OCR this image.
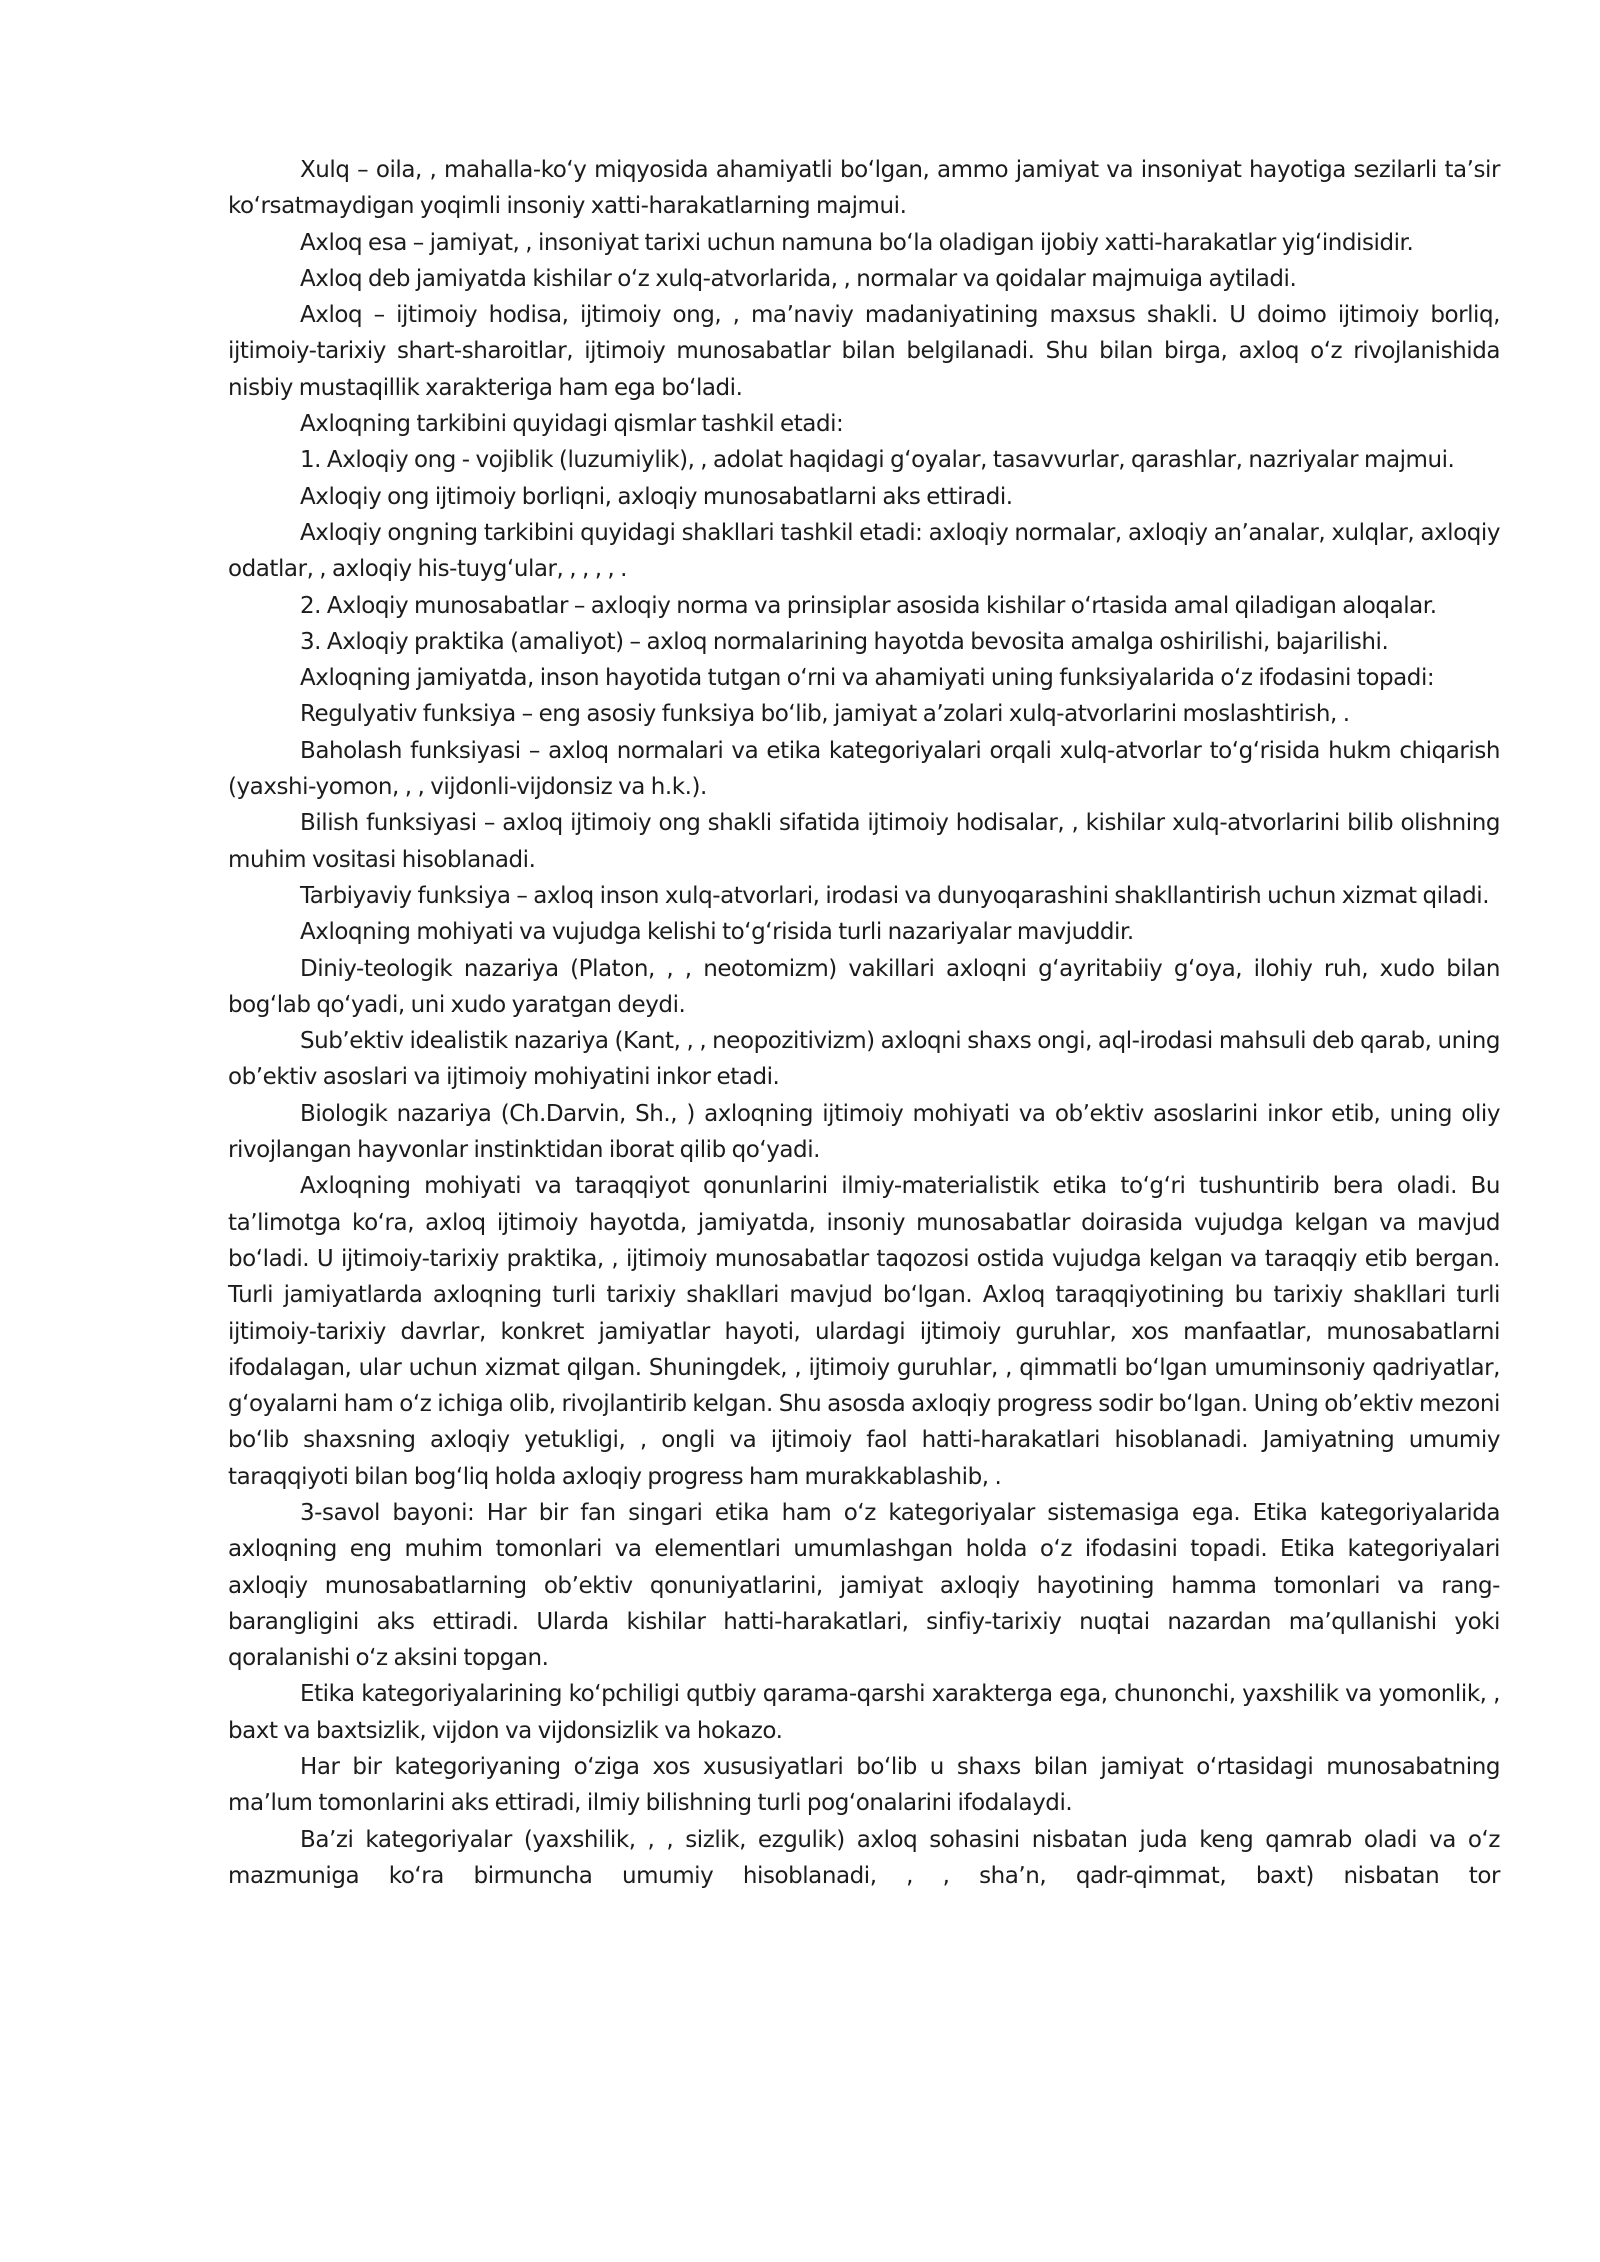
Xulq – oila, , mahalla-koʻy miqyosida ahamiyatli boʻlgan, ammo jamiyat va insoniyat hayotiga sezilarli taʼsir koʻrsatmaydigan yoqimli insoniy xatti-harakatlarning majmui.

Axloq esa – jamiyat, , insoniyat tarixi uchun namuna boʻla oladigan ijobiy xatti-harakatlar yigʻindisidir.

Axloq deb jamiyatda kishilar oʻz xulq-atvorlarida, , normalar va qoidalar majmuiga aytiladi.

Axloq – ijtimoiy hodisa, ijtimoiy ong, , maʼnaviy madaniyatining maxsus shakli. U doimo ijtimoiy borliq, ijtimoiy-tarixiy shart-sharoitlar, ijtimoiy munosabatlar bilan belgilanadi. Shu bilan birga, axloq oʻz rivojlanishida nisbiy mustaqillik xarakteriga ham ega boʻladi.

Axloqning tarkibini quyidagi qismlar tashkil etadi:

1. Axloqiy ong - vojiblik (luzumiylik), , adolat haqidagi gʻoyalar, tasavvurlar, qarashlar, nazriyalar majmui.

Axloqiy ong ijtimoiy borliqni, axloqiy munosabatlarni aks ettiradi.

Axloqiy ongning tarkibini quyidagi shakllari tashkil etadi: axloqiy normalar, axloqiy anʼanalar, xulqlar, axloqiy odatlar, , axloqiy his-tuygʻular, , , , , .

2. Axloqiy munosabatlar – axloqiy norma va prinsiplar asosida kishilar oʻrtasida amal qiladigan aloqalar.

3. Axloqiy praktika (amaliyot) – axloq normalarining hayotda bevosita amalga oshirilishi, bajarilishi.

Axloqning jamiyatda, inson hayotida tutgan oʻrni va ahamiyati uning funksiyalarida oʻz ifodasini topadi:

Regulyativ funksiya – eng asosiy funksiya boʻlib, jamiyat aʼzolari xulq-atvorlarini moslashtirish, .

Baholash funksiyasi – axloq normalari va etika kategoriyalari orqali xulq-atvorlar toʻgʻrisida hukm chiqarish (yaxshi-yomon, , , vijdonli-vijdonsiz va h.k.).

Bilish funksiyasi – axloq ijtimoiy ong shakli sifatida ijtimoiy hodisalar, , kishilar xulq-atvorlarini bilib olishning muhim vositasi hisoblanadi.

Tarbiyaviy funksiya – axloq inson xulq-atvorlari, irodasi va dunyoqarashini shakllantirish uchun xizmat qiladi.

Axloqning mohiyati va vujudga kelishi toʻgʻrisida turli nazariyalar mavjuddir.

Diniy-teologik nazariya (Platon, , , neotomizm) vakillari axloqni gʻayritabiiy gʻoya, ilohiy ruh, xudo bilan bogʻlab qoʻyadi, uni xudo yaratgan deydi.

Subʼektiv idealistik nazariya (Kant, , , neopozitivizm) axloqni shaxs ongi, aql-irodasi mahsuli deb qarab, uning obʼektiv asoslari va ijtimoiy mohiyatini inkor etadi.

Biologik nazariya (Ch.Darvin, Sh., ) axloqning ijtimoiy mohiyati va obʼektiv asoslarini inkor etib, uning oliy rivojlangan hayvonlar instinktidan iborat qilib qoʻyadi.

Axloqning mohiyati va taraqqiyot qonunlarini ilmiy-materialistik etika toʻgʻri tushuntirib bera oladi. Bu taʼlimotga koʻra, axloq ijtimoiy hayotda, jamiyatda, insoniy munosabatlar doirasida vujudga kelgan va mavjud boʻladi. U ijtimoiy-tarixiy praktika, , ijtimoiy munosabatlar taqozosi ostida vujudga kelgan va taraqqiy etib bergan. Turli jamiyatlarda axloqning turli tarixiy shakllari mavjud boʻlgan. Axloq taraqqiyotining bu tarixiy shakllari turli ijtimoiy-tarixiy davrlar, konkret jamiyatlar hayoti, ulardagi ijtimoiy guruhlar, xos manfaatlar, munosabatlarni ifodalagan, ular uchun xizmat qilgan. Shuningdek, , ijtimoiy guruhlar, , qimmatli boʻlgan umuminsoniy qadriyatlar, gʻoyalarni ham oʻz ichiga olib, rivojlantirib kelgan. Shu asosda axloqiy progress sodir boʻlgan. Uning obʼektiv mezoni boʻlib shaxsning axloqiy yetukligi, , ongli va ijtimoiy faol hatti-harakatlari hisoblanadi. Jamiyatning umumiy taraqqiyoti bilan bogʻliq holda axloqiy progress ham murakkablashib, .

3-savol bayoni: Har bir fan singari etika ham oʻz kategoriyalar sistemasiga ega. Etika kategoriyalarida axloqning eng muhim tomonlari va elementlari umumlashgan holda oʻz ifodasini topadi. Etika kategoriyalari axloqiy munosabatlarning obʼektiv qonuniyatlarini, jamiyat axloqiy hayotining hamma tomonlari va rang-barangligini aks ettiradi. Ularda kishilar hatti-harakatlari, sinfiy-tarixiy nuqtai nazardan maʼqullanishi yoki qoralanishi oʻz aksini topgan.

Etika kategoriyalarining koʻpchiligi qutbiy qarama-qarshi xarakterga ega, chunonchi, yaxshilik va yomonlik, , baxt va baxtsizlik, vijdon va vijdonsizlik va hokazo.

Har bir kategoriyaning oʻziga xos xususiyatlari boʻlib u shaxs bilan jamiyat oʻrtasidagi munosabatning maʼlum tomonlarini aks ettiradi, ilmiy bilishning turli pogʻonalarini ifodalaydi.

Baʼzi kategoriyalar (yaxshilik, , , sizlik, ezgulik) axloq sohasini nisbatan juda keng qamrab oladi va oʻz mazmuniga koʻra birmuncha umumiy hisoblanadi, , , shaʼn, qadr-qimmat, baxt) nisbatan tor
